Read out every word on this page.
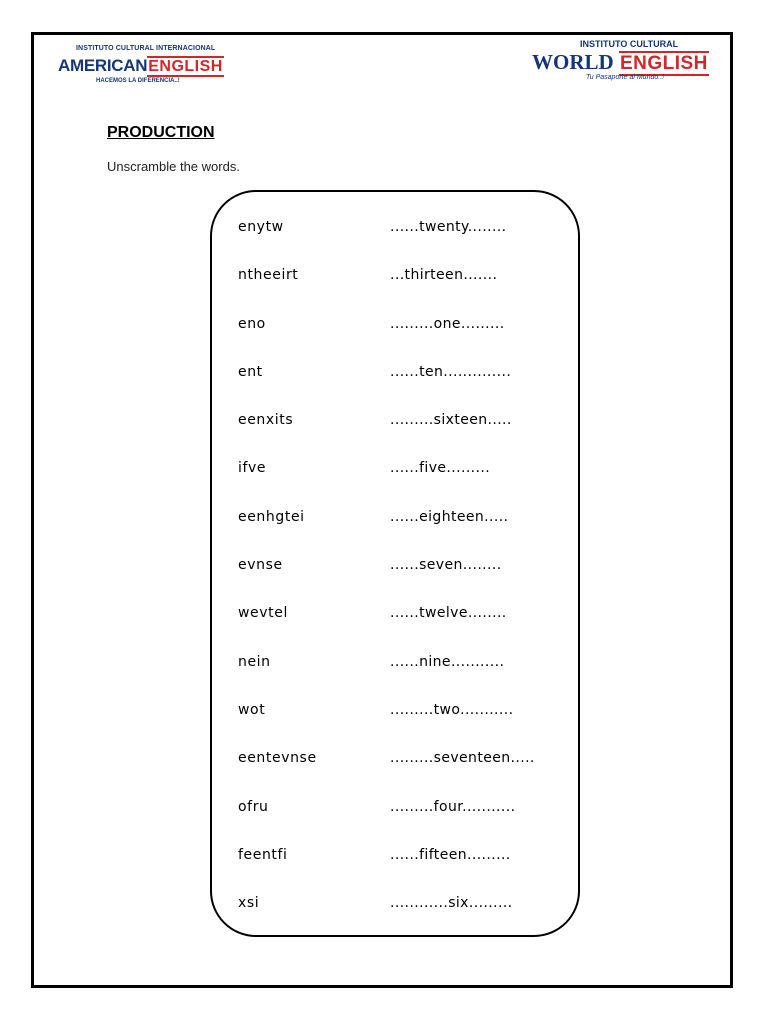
INSTITUTO CULTURAL INTERNACIONAL
AMERICANENGLISH
HACEMOS LA DIFERENCIA..!
INSTITUTO CULTURAL
WORLD ENGLISH
Tu Pasaporte al Mundo..!
PRODUCTION
Unscramble the words.
enytw	......twenty........
ntheeirt	...thirteen.......
eno	.........one.........
ent	......ten..............
eenxits	.........sixteen.....
ifve	......five.........
eenhgtei	......eighteen.....
evnse	......seven........
wevtel	......twelve........
nein	......nine...........
wot	.........two...........
eentevnse	.........seventeen.....
ofru	.........four...........
feentfi	......fifteen.........
xsi	............six.........
